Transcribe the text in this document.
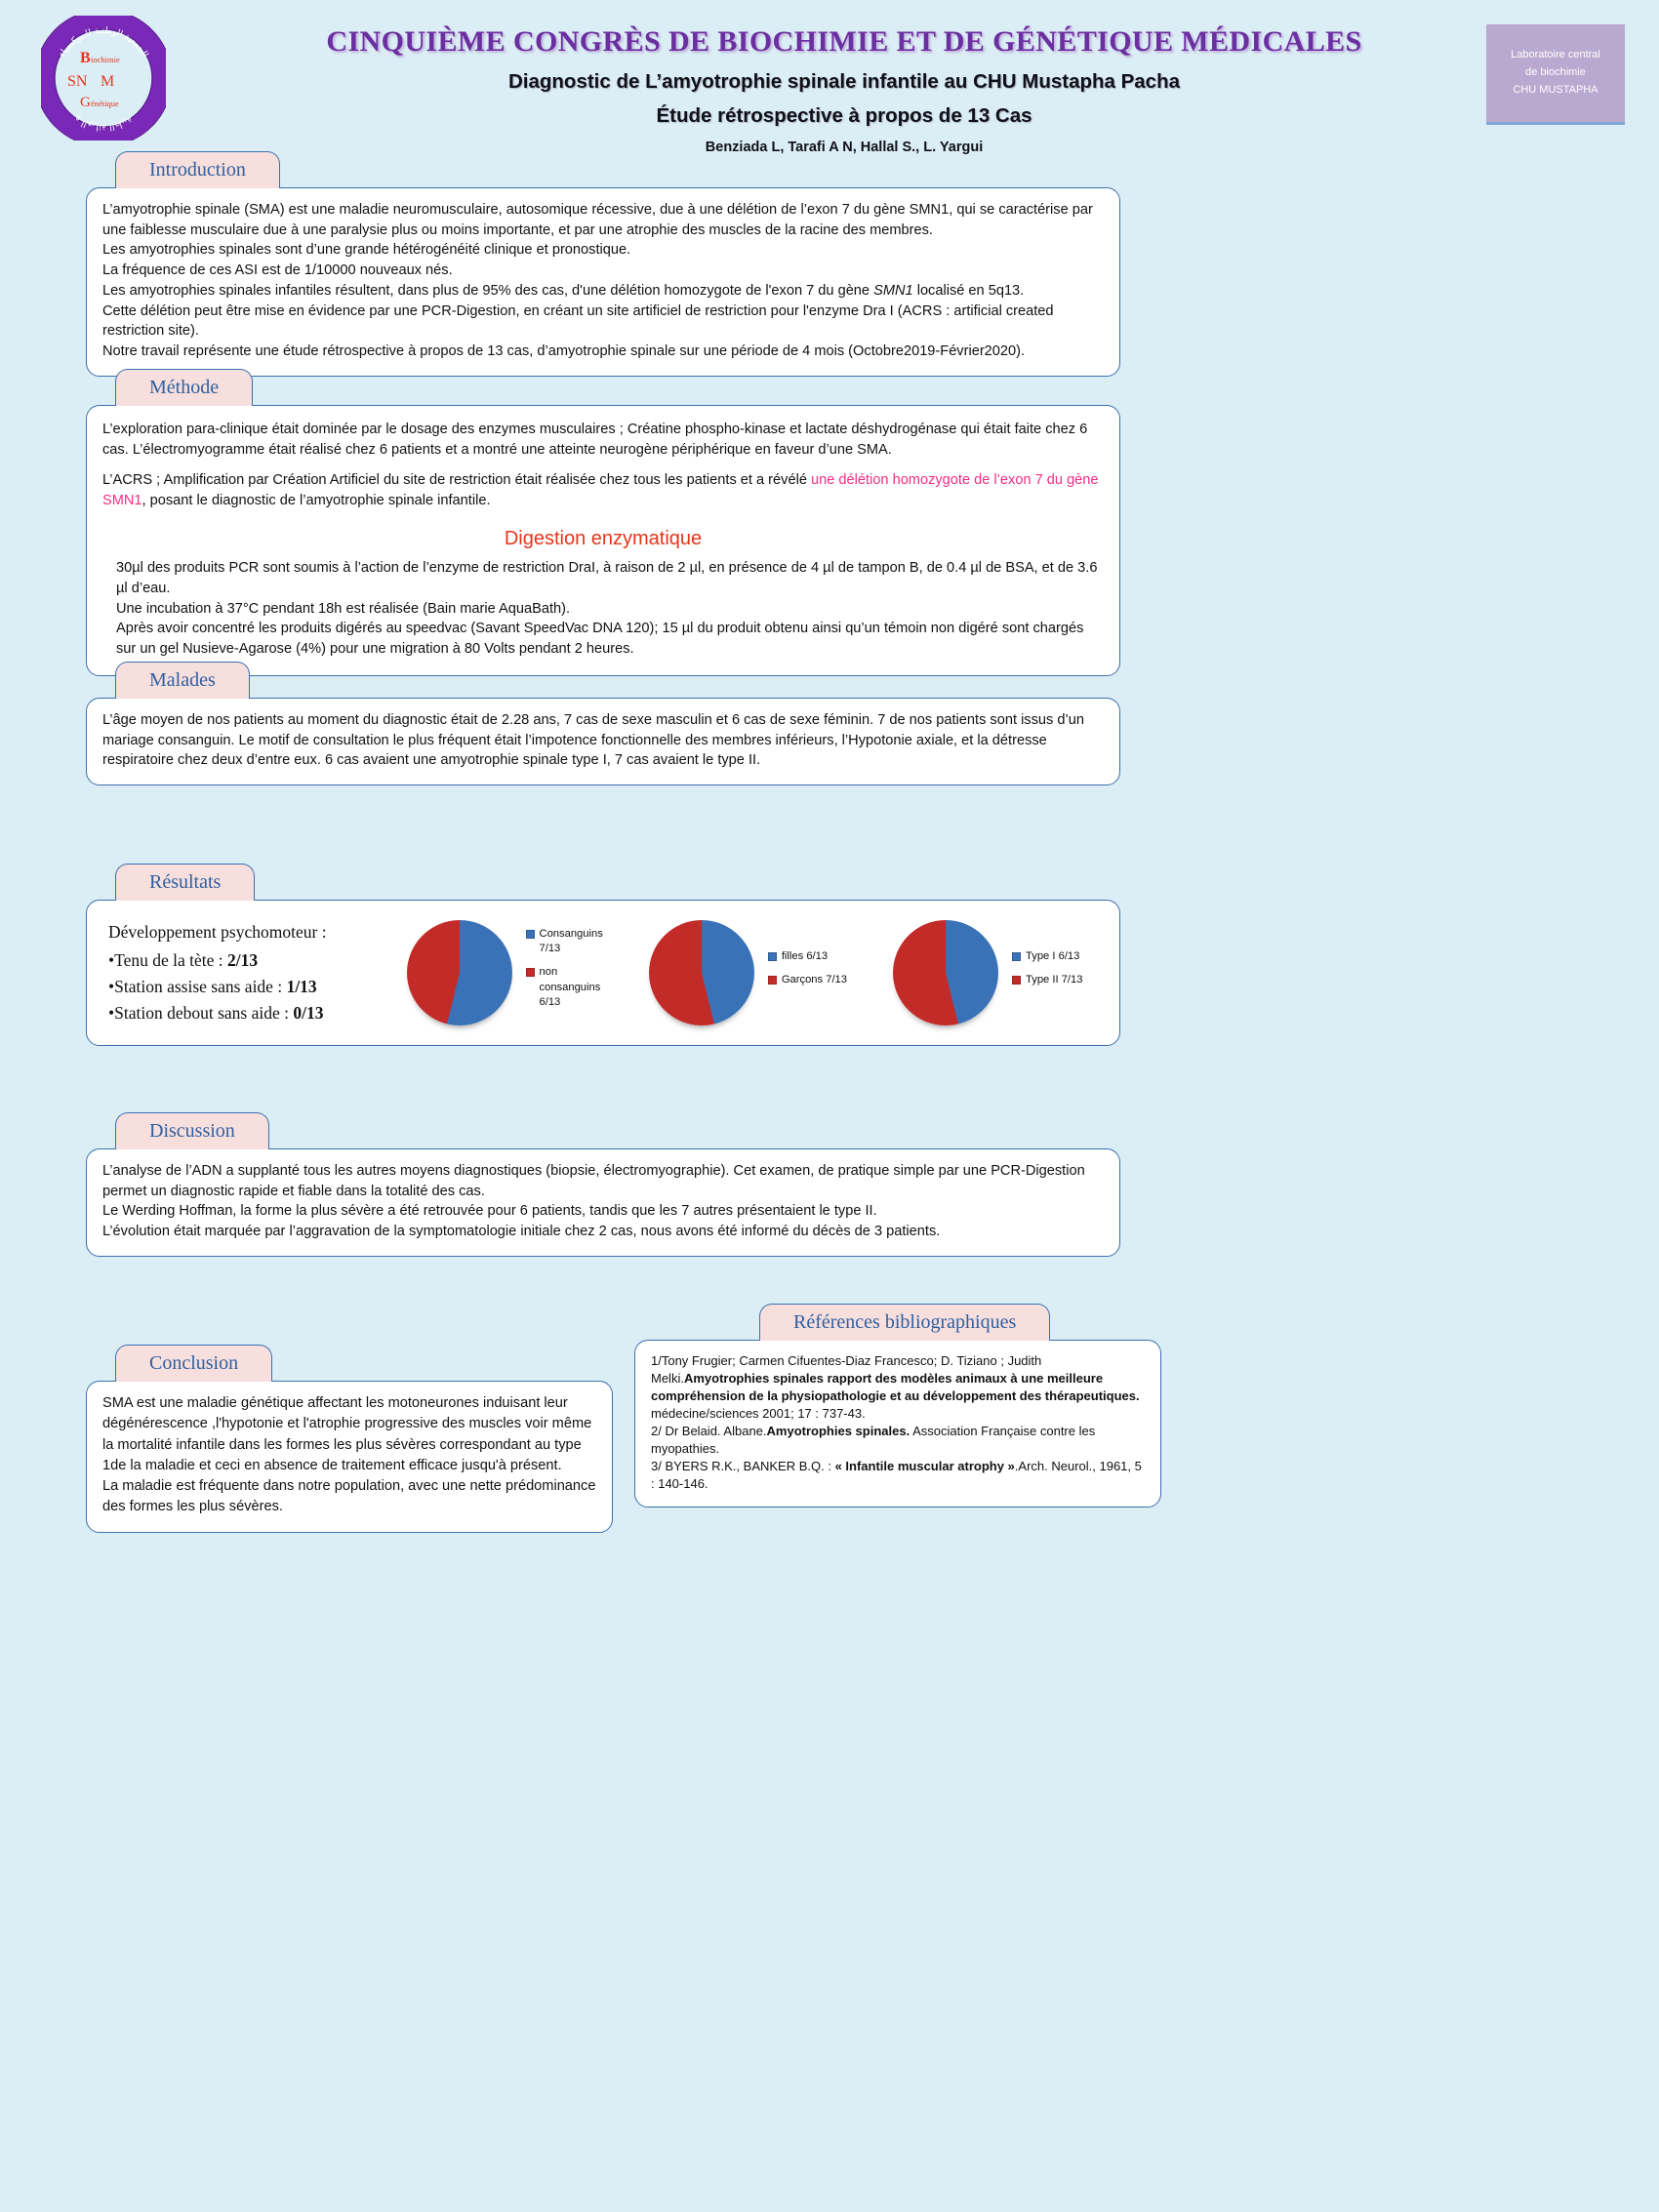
الجمعية الوطنية للبيوكيمياء
و الوراثة الطبية
B iochimie
SN M
G énétique
CINQUIÈME CONGRÈS DE BIOCHIMIE ET DE GÉNÉTIQUE MÉDICALES
Diagnostic de L’amyotrophie spinale infantile au CHU Mustapha Pacha
Étude rétrospective à propos de 13 Cas
Benziada L, Tarafi A N, Hallal S., L. Yargui
Laboratoire central
de biochimie
CHU MUSTAPHA
Introduction

L’amyotrophie spinale (SMA) est une maladie neuromusculaire, autosomique récessive, due à une délétion de l’exon 7 du gène SMN1, qui se caractérise par une faiblesse musculaire due à une paralysie plus ou moins importante, et par une atrophie des muscles de la racine des membres.

Les amyotrophies spinales sont d’une grande hétérogénéité clinique et pronostique.

La fréquence de ces ASI est de 1/10000 nouveaux nés.

Les amyotrophies spinales infantiles résultent, dans plus de 95% des cas, d'une délétion homozygote de l'exon 7 du gène SMN1 localisé en 5q13.

Cette délétion peut être mise en évidence par une PCR-Digestion, en créant un site artificiel de restriction pour l'enzyme Dra I (ACRS : artificial created restriction site).

Notre travail représente une étude rétrospective à propos de 13 cas, d’amyotrophie spinale sur une période de 4 mois (Octobre2019-Février2020).

Méthode

L’exploration para-clinique était dominée par le dosage des enzymes musculaires ; Créatine phospho-kinase et lactate déshydrogénase qui était faite chez 6 cas. L’électromyogramme était réalisé chez 6 patients et a montré une atteinte neurogène périphérique en faveur d’une SMA.

L’ACRS ; Amplification par Création Artificiel du site de restriction était réalisée chez tous les patients et a révélé une délétion homozygote de l’exon 7 du gène SMN1, posant le diagnostic de l’amyotrophie spinale infantile.

Digestion enzymatique

30µl des produits PCR sont soumis à l’action de l’enzyme de restriction DraI, à raison de 2 µl, en présence de 4 µl de tampon B, de 0.4 µl de BSA, et de 3.6 µl d’eau.

Une incubation à 37°C pendant 18h est réalisée (Bain marie AquaBath).

Après avoir concentré les produits digérés au speedvac (Savant SpeedVac DNA 120); 15 µl du produit obtenu ainsi qu’un témoin non digéré sont chargés sur un gel Nusieve-Agarose (4%) pour une migration à 80 Volts pendant 2 heures.

Malades

L’âge moyen de nos patients au moment du diagnostic était de 2.28 ans, 7 cas de sexe masculin et 6 cas de sexe féminin. 7 de nos patients sont issus d’un mariage consanguin. Le motif de consultation le plus fréquent était l’impotence fonctionnelle des membres inférieurs, l’Hypotonie axiale, et la détresse respiratoire chez deux d’entre eux. 6 cas avaient une amyotrophie spinale type I, 7 cas avaient le type II.

Résultats
Développement psychomoteur :
•Tenu de la tète : 2/13
•Station assise sans aide : 1/13
•Station debout sans aide : 0/13
Consanguins
7/13
non
consanguins
6/13
filles 6/13
Garçons 7/13
Type I 6/13
Type II 7/13
Discussion

L’analyse de l’ADN a supplanté tous les autres moyens diagnostiques (biopsie, électromyographie). Cet examen, de pratique simple par une PCR-Digestion permet un diagnostic rapide et fiable dans la totalité des cas.

Le Werding Hoffman, la forme la plus sévère a été retrouvée pour 6 patients, tandis que les 7 autres présentaient le type II.

L’évolution était marquée par l’aggravation de la symptomatologie initiale chez 2 cas, nous avons été informé du décès de 3 patients.

Conclusion

SMA est une maladie génétique affectant les motoneurones induisant leur dégénérescence ,l'hypotonie et l'atrophie progressive des muscles voir même la mortalité infantile dans les formes les plus sévères correspondant au type 1de la maladie et ceci en absence de traitement efficace jusqu'à présent.

La maladie est fréquente dans notre population, avec une nette prédominance des formes les plus sévères.

Références bibliographiques

1/Tony Frugier; Carmen Cifuentes-Diaz Francesco; D. Tiziano ; Judith Melki.Amyotrophies spinales rapport des modèles animaux à une meilleure compréhension de la physiopathologie et au développement des thérapeutiques. médecine/sciences 2001; 17 : 737-43.

2/ Dr Belaid. Albane.Amyotrophies spinales. Association Française contre les myopathies.

3/ BYERS R.K., BANKER B.Q. : « Infantile muscular atrophy ».Arch. Neurol., 1961, 5 : 140-146.
